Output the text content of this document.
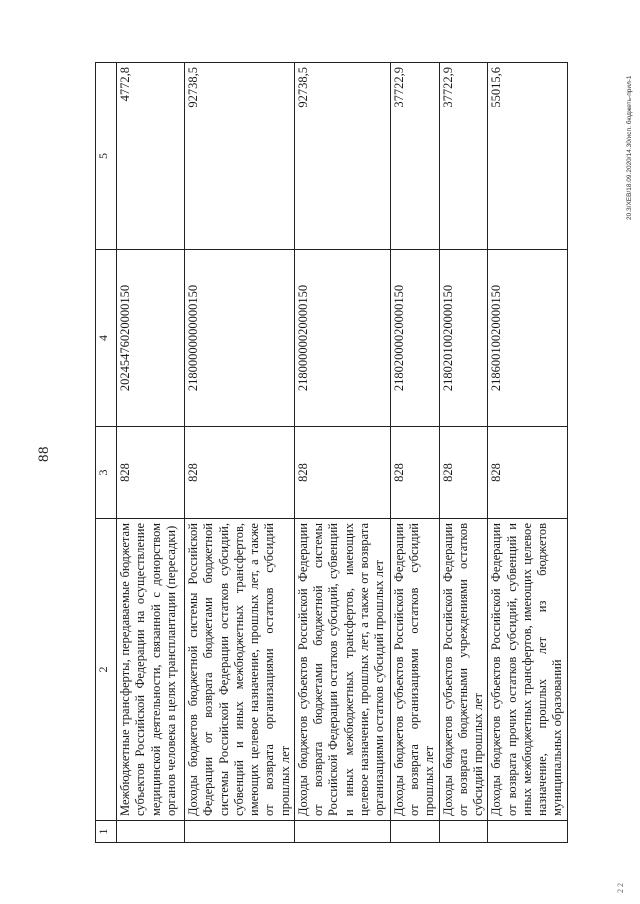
88
20.3/ХЕВ/18.09.2020/14.30/исп. бюджеть-прил-1
2 2
1	2	3	4	5
	Межбюджетные трансферты, передаваемые бюджетам субъектов Российской Федерации на осуществление медицинской деятельности, связанной с донорством органов человека в целях трансплантации (пересадки)	828	20245476020000150	4772,8
	Доходы бюджетов бюджетной системы Российской Федерации от возврата бюджетами бюджетной системы Российской Федерации остатков субсидий, субвенций и иных межбюджетных трансфертов, имеющих целевое назначение, прошлых лет, а также от возврата организациями остатков субсидий прошлых лет	828	21800000000000150	92738,5
	Доходы бюджетов субъектов Российской Федерации от возврата бюджетами бюджетной системы Российской Федерации остатков субсидий, субвенций и иных межбюджетных трансфертов, имеющих целевое назначение, прошлых лет, а также от возврата организациями остатков субсидий прошлых лет	828	21800000020000150	92738,5
	Доходы бюджетов субъектов Российской Федерации от возврата организациями остатков субсидий прошлых лет	828	21802000020000150	37722,9
	Доходы бюджетов субъектов Российской Федерации от возврата бюджетными учреждениями остатков субсидий прошлых лет	828	21802010020000150	37722,9
	Доходы бюджетов субъектов Российской Федерации от возврата прочих остатков субсидий, субвенций и иных межбюджетных трансфертов, имеющих целевое назначение, прошлых лет из бюджетов муниципальных образований	828	21860010020000150	55015,6
